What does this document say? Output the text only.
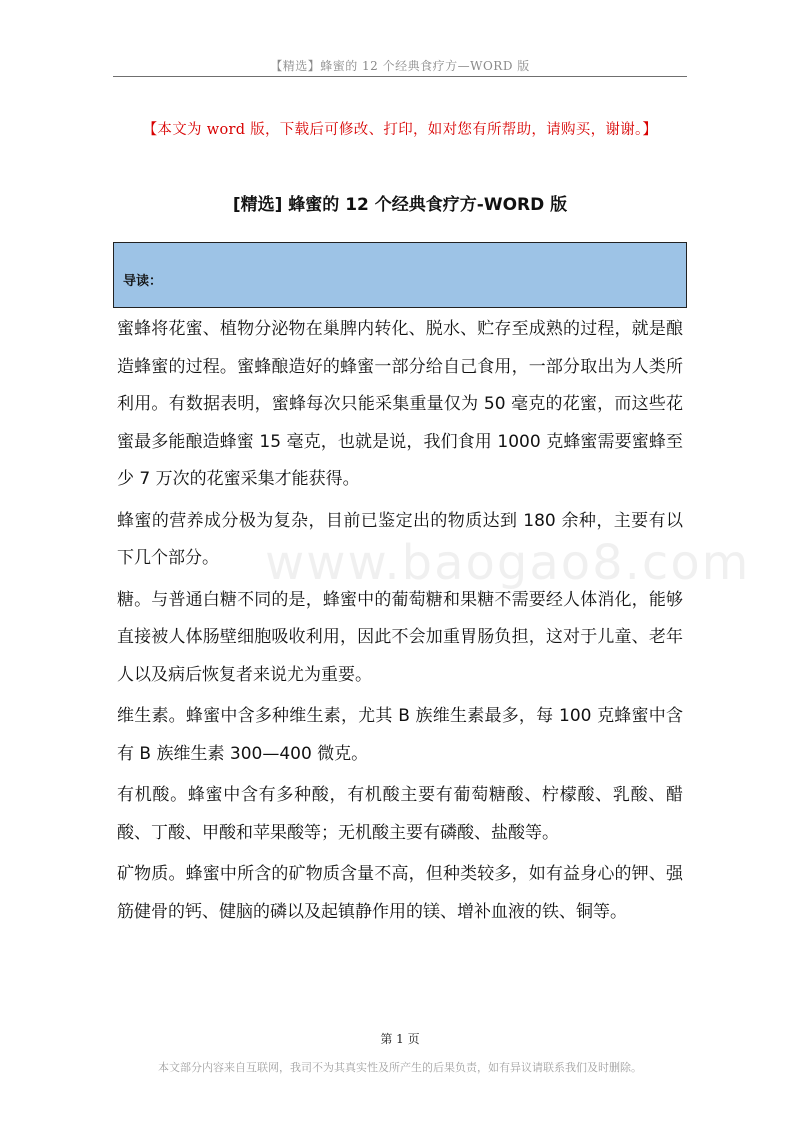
【精选】蜂蜜的 12 个经典食疗方—WORD 版
【本文为 word 版，下载后可修改、打印，如对您有所帮助，请购买，谢谢。】
[精选] 蜂蜜的 12 个经典食疗方-WORD 版
导读：
www.baogao8.com

蜜蜂将花蜜、植物分泌物在巢脾内转化、脱水、贮存至成熟的过程，就是酿造蜂蜜的过程。蜜蜂酿造好的蜂蜜一部分给自己食用，一部分取出为人类所利用。有数据表明，蜜蜂每次只能采集重量仅为 50 毫克的花蜜，而这些花蜜最多能酿造蜂蜜 15 毫克，也就是说，我们食用 1000 克蜂蜜需要蜜蜂至少 7 万次的花蜜采集才能获得。

蜂蜜的营养成分极为复杂，目前已鉴定出的物质达到 180 余种，主要有以下几个部分。

糖。与普通白糖不同的是，蜂蜜中的葡萄糖和果糖不需要经人体消化，能够直接被人体肠壁细胞吸收利用，因此不会加重胃肠负担，这对于儿童、老年人以及病后恢复者来说尤为重要。

维生素。蜂蜜中含多种维生素，尤其 B 族维生素最多，每 100 克蜂蜜中含有 B 族维生素 300—400 微克。

有机酸。蜂蜜中含有多种酸，有机酸主要有葡萄糖酸、柠檬酸、乳酸、醋酸、丁酸、甲酸和苹果酸等；无机酸主要有磷酸、盐酸等。

矿物质。蜂蜜中所含的矿物质含量不高，但种类较多，如有益身心的钾、强筋健骨的钙、健脑的磷以及起镇静作用的镁、增补血液的铁、铜等。

第 1 页
本文部分内容来自互联网，我司不为其真实性及所产生的后果负责，如有异议请联系我们及时删除。
